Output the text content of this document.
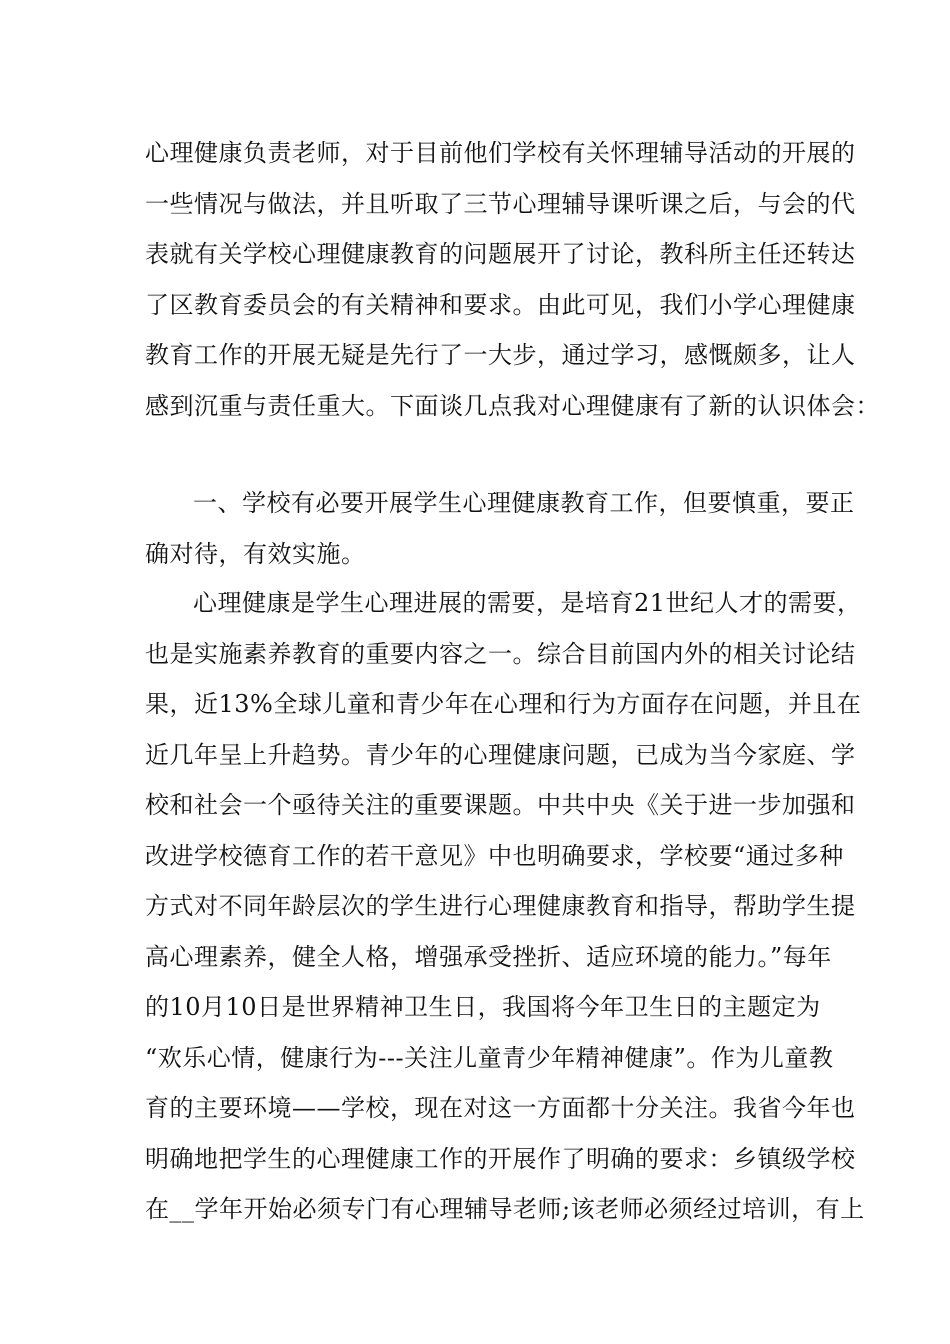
心理健康负责老师，对于目前他们学校有关怀理辅导活动的开展的
一些情况与做法，并且听取了三节心理辅导课听课之后，与会的代
表就有关学校心理健康教育的问题展开了讨论，教科所主任还转达
了区教育委员会的有关精神和要求。由此可见，我们小学心理健康
教育工作的开展无疑是先行了一大步，通过学习，感慨颇多，让人
感到沉重与责任重大。下面谈几点我对心理健康有了新的认识体会：
一、学校有必要开展学生心理健康教育工作，但要慎重，要正
确对待，有效实施。
心理健康是学生心理进展的需要，是培育21世纪人才的需要，
也是实施素养教育的重要内容之一。综合目前国内外的相关讨论结
果，近13%全球儿童和青少年在心理和行为方面存在问题，并且在
近几年呈上升趋势。青少年的心理健康问题，已成为当今家庭、学
校和社会一个亟待关注的重要课题。中共中央《关于进一步加强和
改进学校德育工作的若干意见》中也明确要求，学校要“通过多种
方式对不同年龄层次的学生进行心理健康教育和指导，帮助学生提
高心理素养，健全人格，增强承受挫折、适应环境的能力。”每年
的10月10日是世界精神卫生日，我国将今年卫生日的主题定为
“欢乐心情，健康行为---关注儿童青少年精神健康”。作为儿童教
育的主要环境——学校，现在对这一方面都十分关注。我省今年也
明确地把学生的心理健康工作的开展作了明确的要求：乡镇级学校
在__学年开始必须专门有心理辅导老师;该老师必须经过培训，有上
